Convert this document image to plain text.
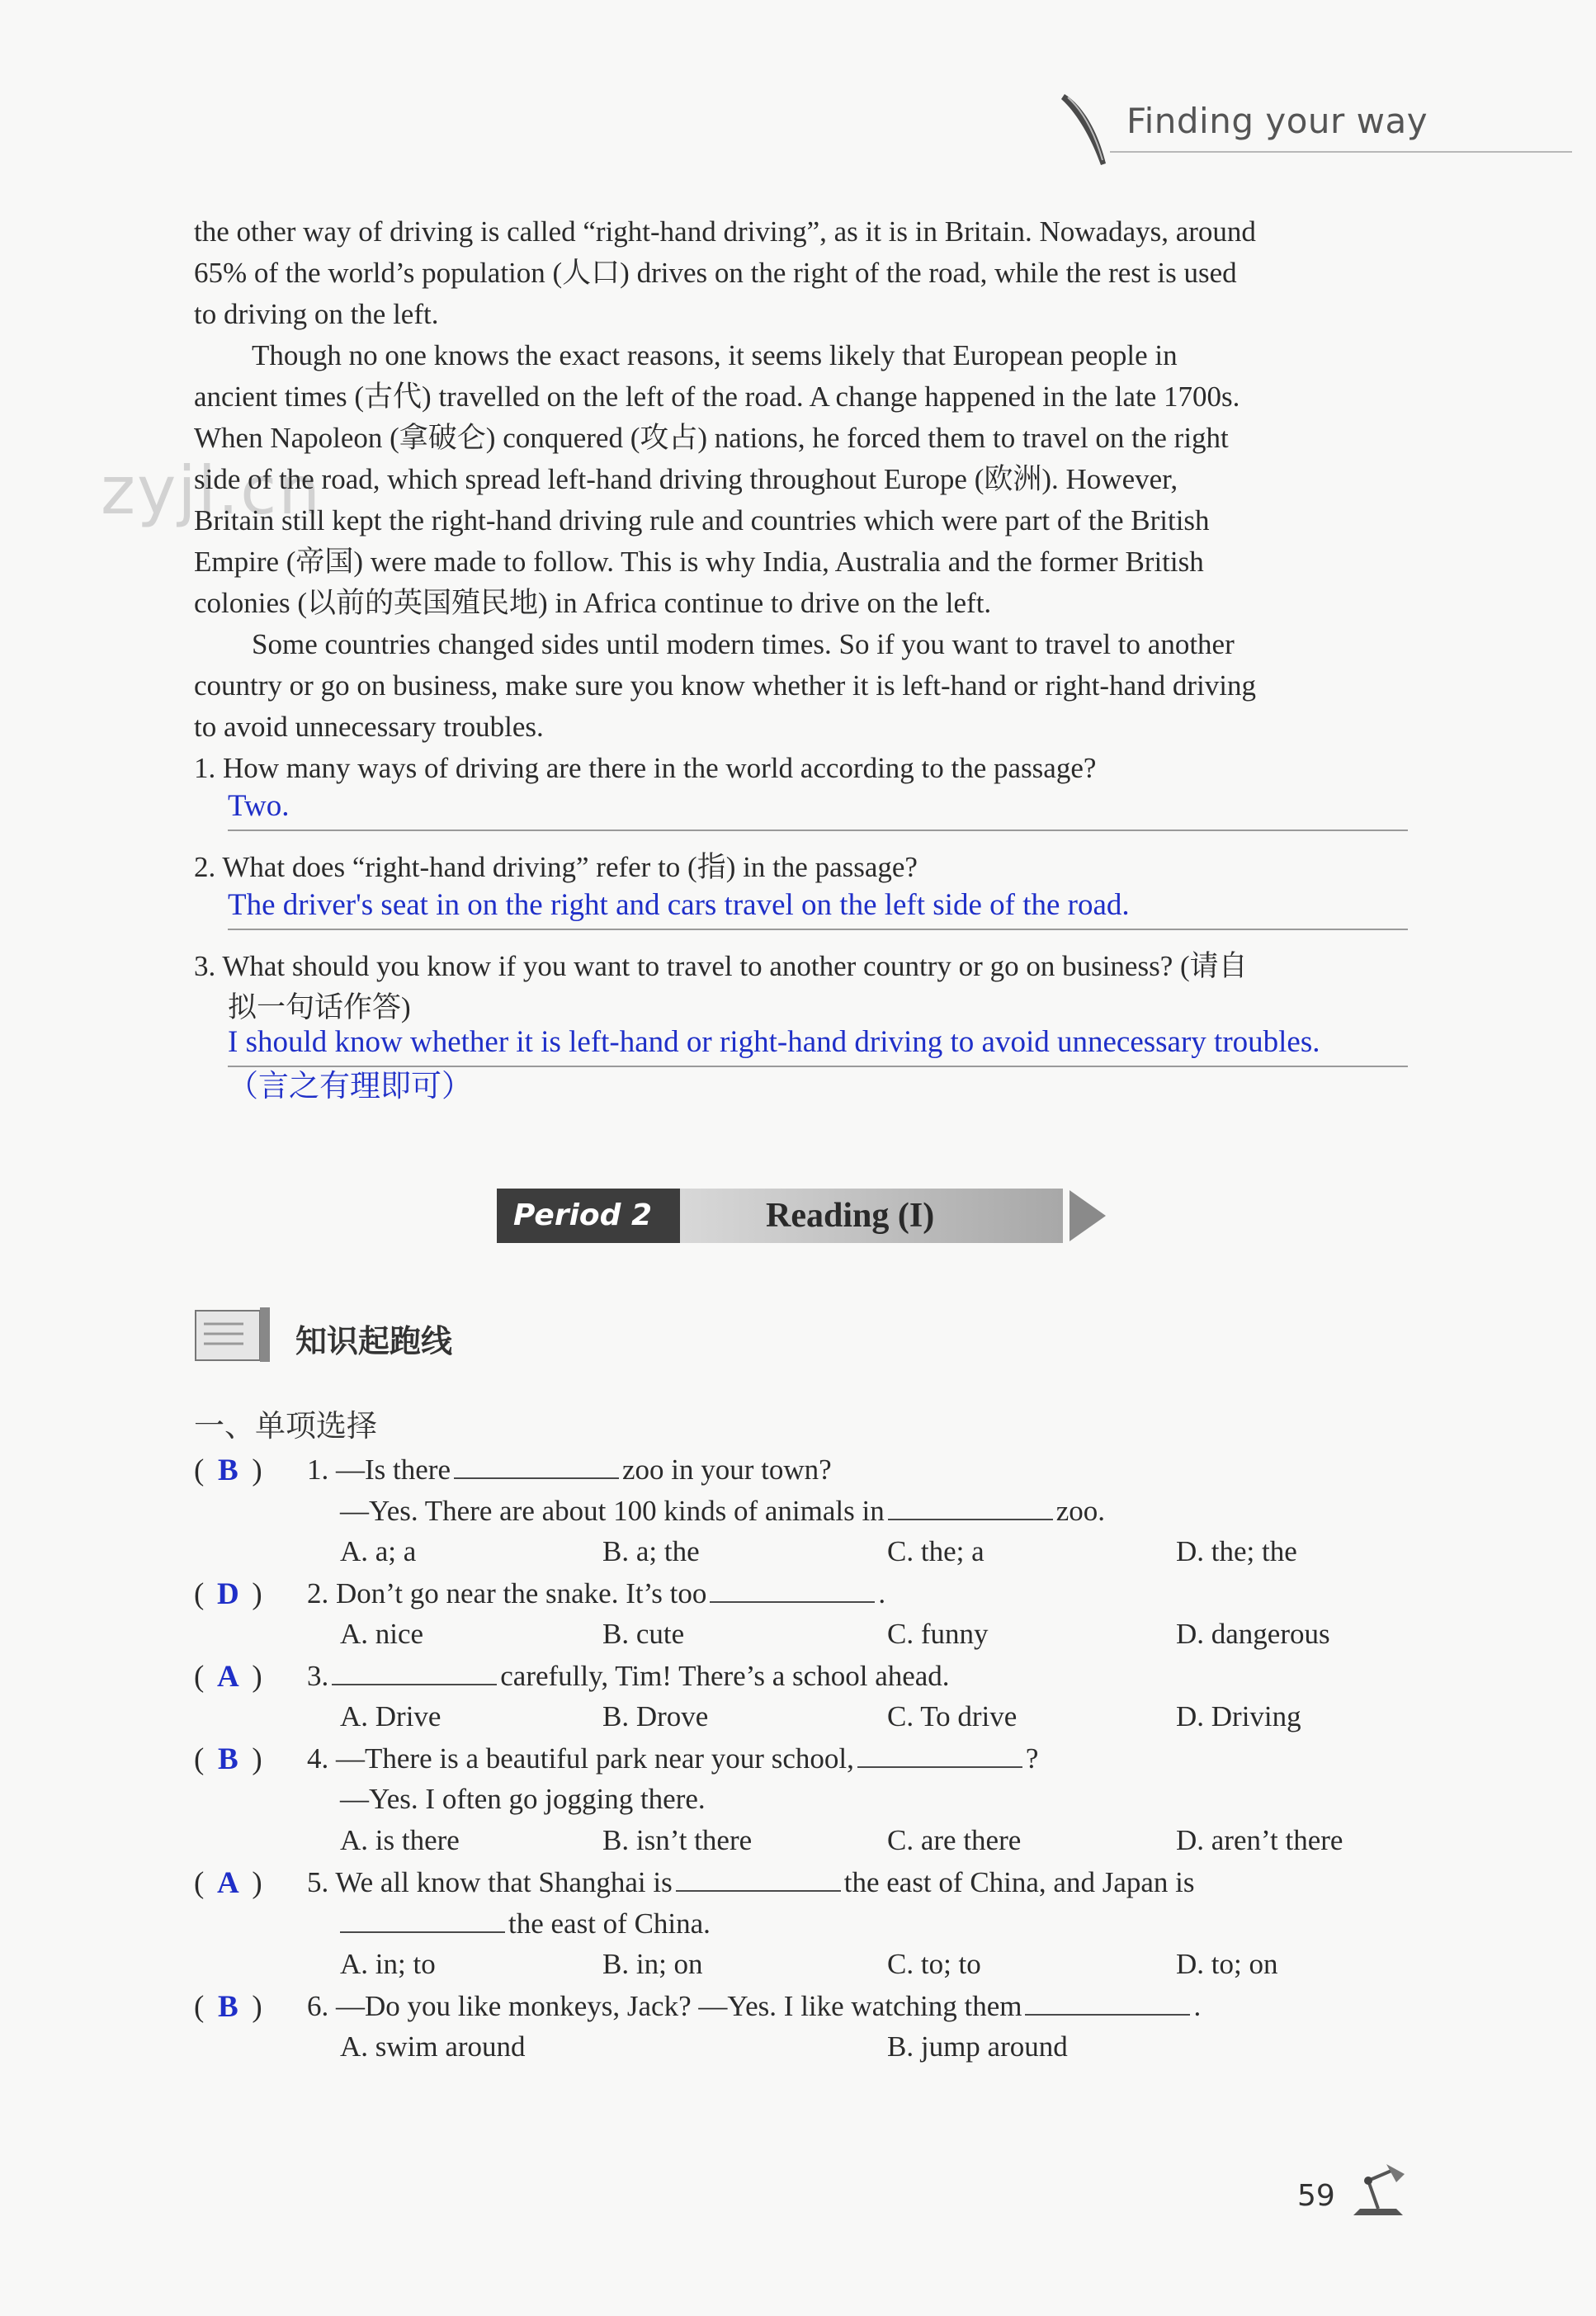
Finding your way
zyjl.cn
the other way of driving is called “right-hand driving”, as it is in Britain. Nowadays, around
65% of the world’s population (人口) drives on the right of the road, while the rest is used
to driving on the left.
Though no one knows the exact reasons, it seems likely that European people in
ancient times (古代) travelled on the left of the road. A change happened in the late 1700s.
When Napoleon (拿破仑) conquered (攻占) nations, he forced them to travel on the right
side of the road, which spread left-hand driving throughout Europe (欧洲). However,
Britain still kept the right-hand driving rule and countries which were part of the British
Empire (帝国) were made to follow. This is why India, Australia and the former British
colonies (以前的英国殖民地) in Africa continue to drive on the left.
Some countries changed sides until modern times. So if you want to travel to another
country or go on business, make sure you know whether it is left-hand or right-hand driving
to avoid unnecessary troubles.
1. How many ways of driving are there in the world according to the passage?
Two.
2. What does “right-hand driving” refer to (指) in the passage?
The driver's seat in on the right and cars travel on the left side of the road.
3. What should you know if you want to travel to another country or go on business? (请自
拟一句话作答)
I should know whether it is left-hand or right-hand driving to avoid unnecessary troubles.
（言之有理即可）
Period 2	Reading (I)
知识起跑线
一、单项选择
( B ) 1. —Is there	zoo in your town?
—Yes. There are about 100 kinds of animals in	zoo.
A. a; a	B. a; the	C. the; a	D. the; the
( D ) 2. Don’t go near the snake. It’s too	.
A. nice	B. cute	C. funny	D. dangerous
( A ) 3.	carefully, Tim! There’s a school ahead.
A. Drive	B. Drove	C. To drive	D. Driving
( B ) 4. —There is a beautiful park near your school,	?
—Yes. I often go jogging there.
A. is there	B. isn’t there	C. are there	D. aren’t there
( A ) 5. We all know that Shanghai is	the east of China, and Japan is
the east of China.
A. in; to	B. in; on	C. to; to	D. to; on
( B ) 6. —Do you like monkeys, Jack? —Yes. I like watching them	.
A. swim around	B. jump around
59
